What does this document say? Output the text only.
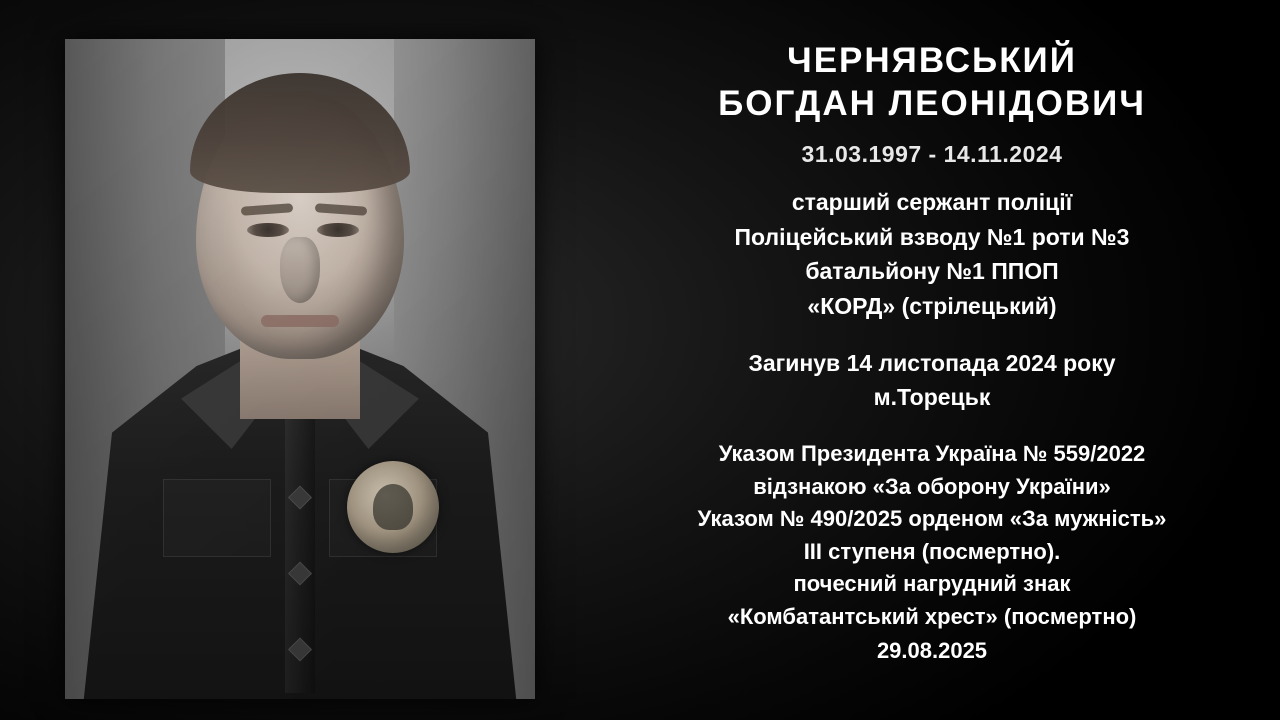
ЧЕРНЯВСЬКИЙ
БОГДАН ЛЕОНІДОВИЧ
31.03.1997 - 14.11.2024
старший сержант поліції
Поліцейський взводу №1 роти №3
батальйону №1 ППОП
«КОРД» (стрілецький)
Загинув 14 листопада 2024 року
м.Торецьк
Указом Президента Україна № 559/2022
відзнакою «За оборону України»
Указом № 490/2025 орденом «За мужність»
III ступеня (посмертно).
почесний нагрудний знак
«Комбатантський хрест» (посмертно)
29.08.2025
